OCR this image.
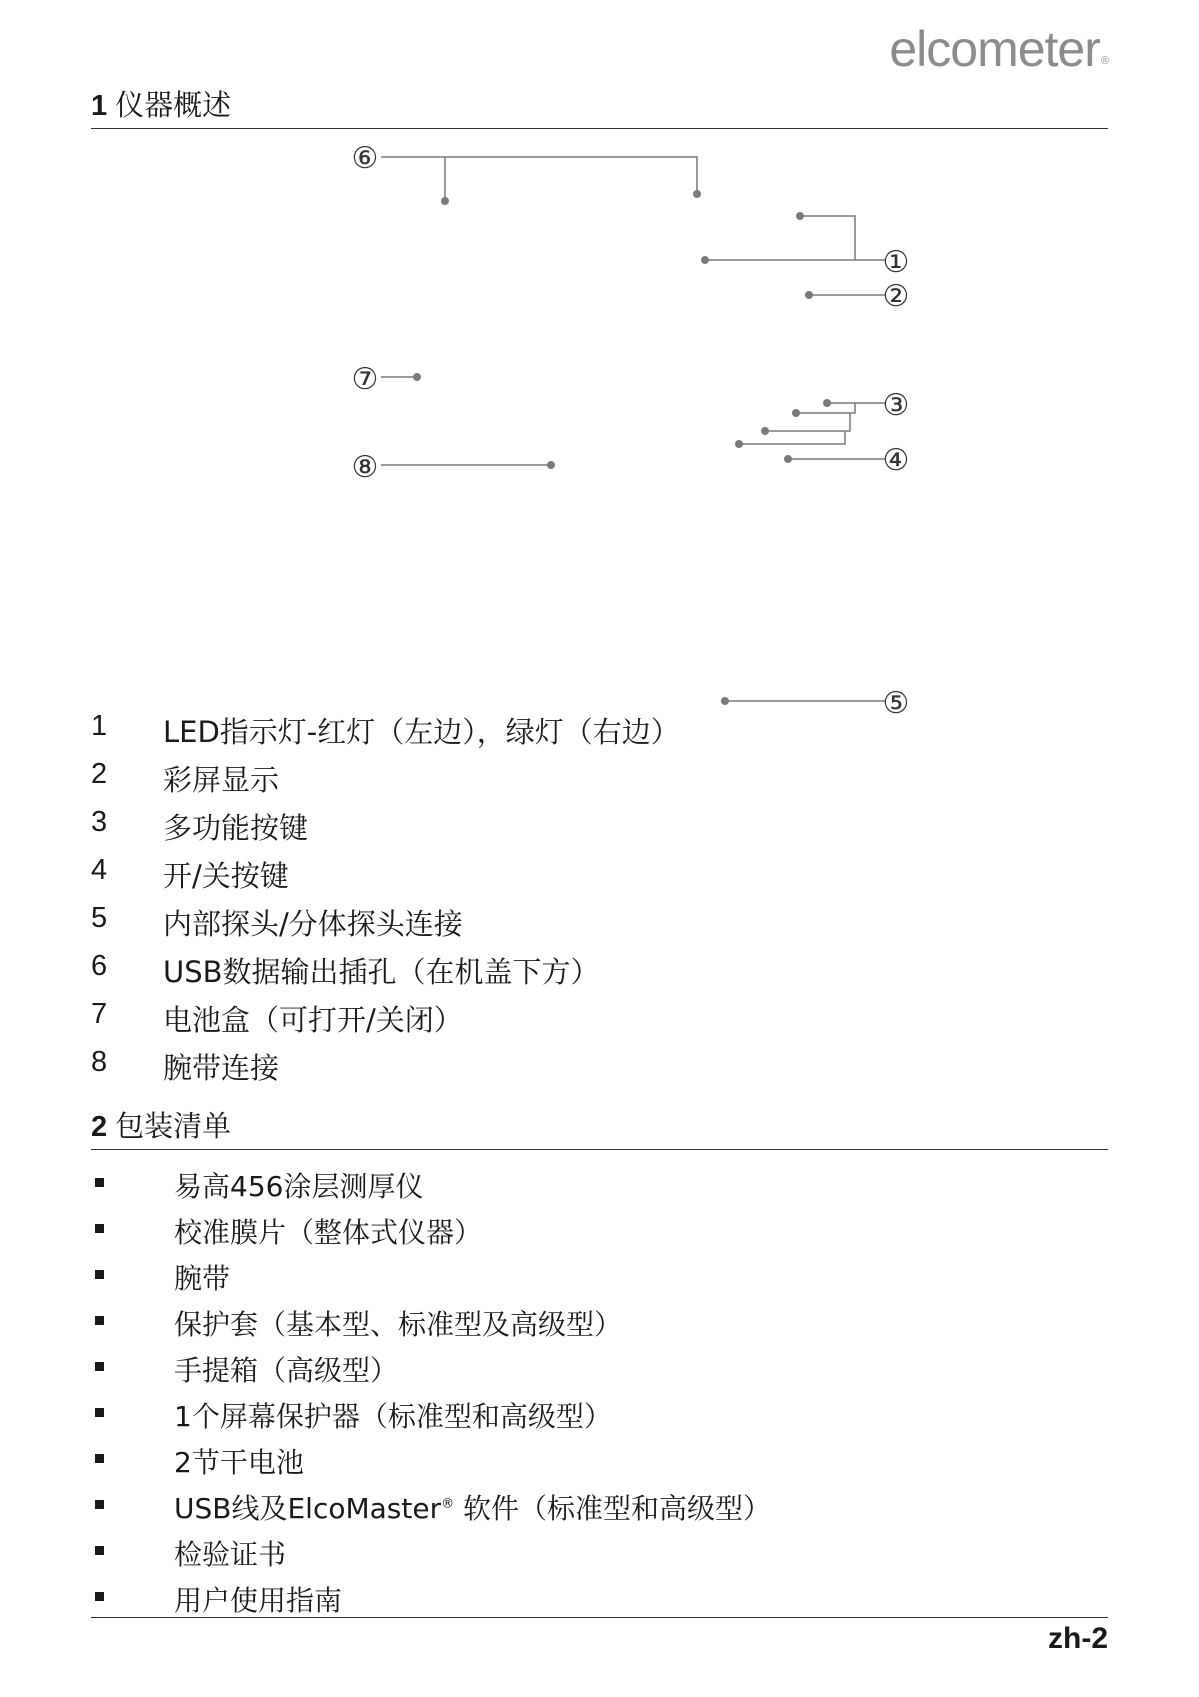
elcometer®
1 仪器概述
⑥
①
②
⑦
③
⑧	④
⑤
1 LED指示灯-红灯（左边），绿灯（右边）
2 彩屏显示
3 多功能按键
4 开/关按键
5 内部探头/分体探头连接
6 USB数据输出插孔（在机盖下方）
7 电池盒（可打开/关闭）
8 腕带连接
2 包装清单
易高456涂层测厚仪
校准膜片（整体式仪器）
腕带
保护套（基本型、标准型及高级型）
手提箱（高级型）
1个屏幕保护器（标准型和高级型）
2节干电池
USB线及ElcoMaster® 软件（标准型和高级型）
检验证书
用户使用指南
zh-2
